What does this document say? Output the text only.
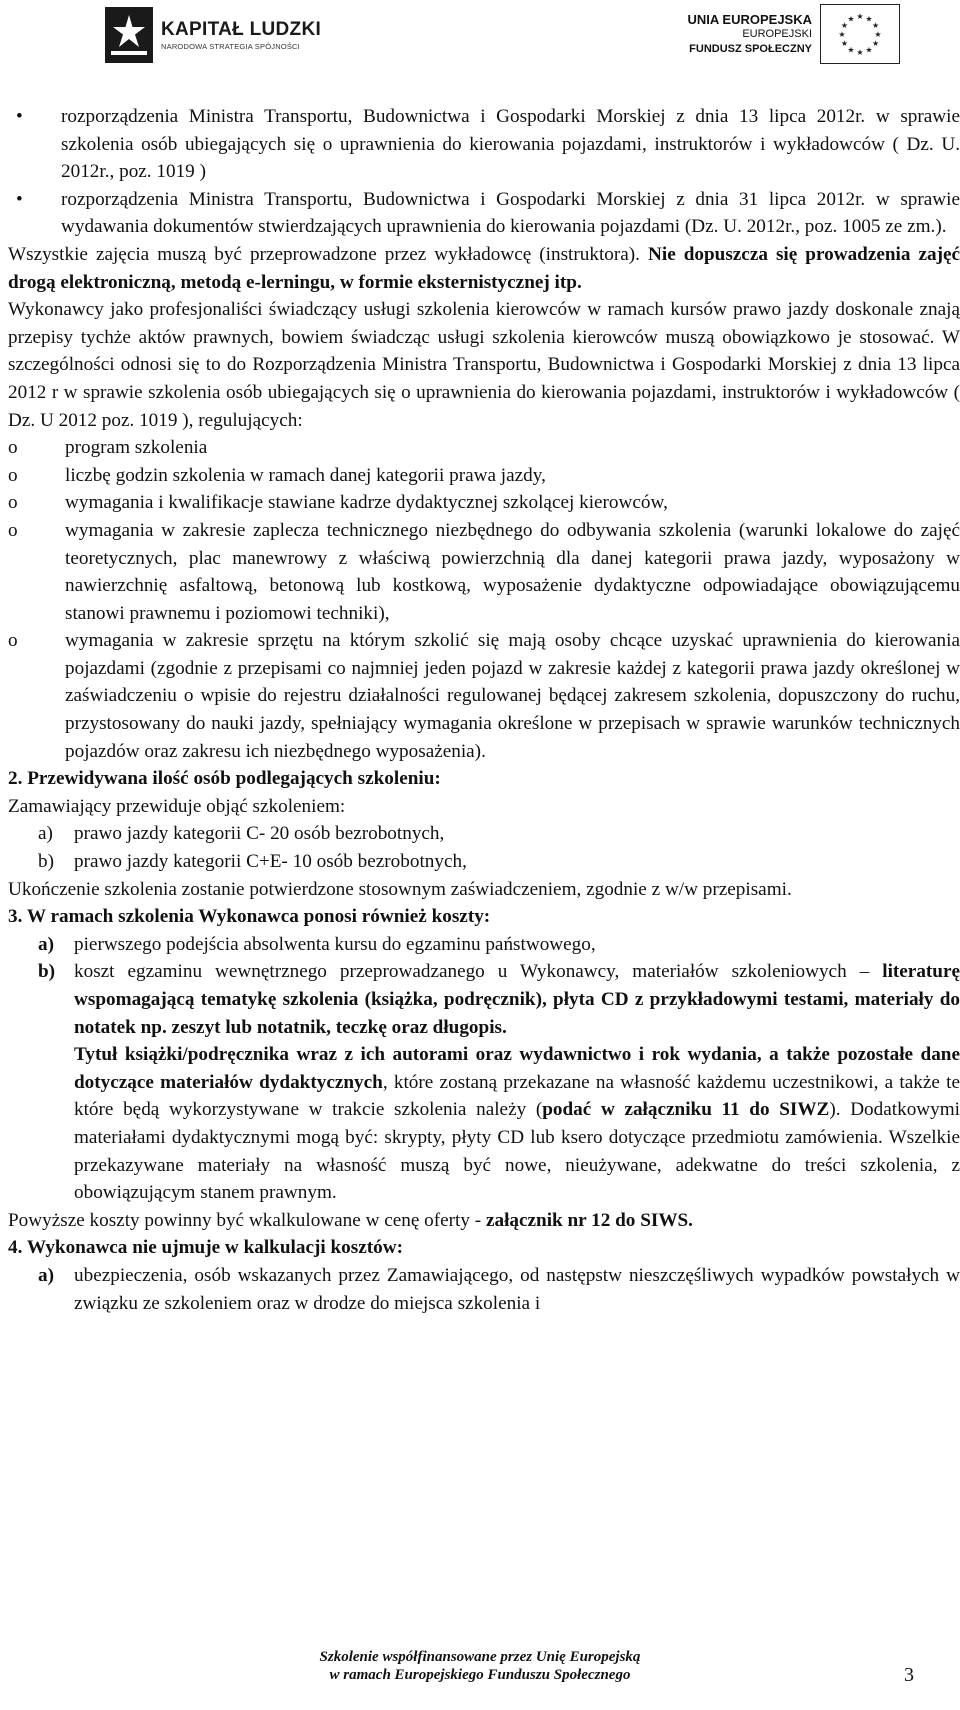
KAPITAŁ LUDZKI
NARODOWA STRATEGIA SPÓJNOŚCI
UNIA EUROPEJSKA
EUROPEJSKI
FUNDUSZ SPOŁECZNY
★ ★
★
★
★
★
★
★
★
★
★
★
• rozporządzenia Ministra Transportu, Budownictwa i Gospodarki Morskiej z dnia 13 lipca 2012r. w sprawie szkolenia osób ubiegających się o uprawnienia do kierowania pojazdami, instruktorów i wykładowców ( Dz. U. 2012r., poz. 1019 )
• rozporządzenia Ministra Transportu, Budownictwa i Gospodarki Morskiej z dnia 31 lipca 2012r. w sprawie wydawania dokumentów stwierdzających uprawnienia do kierowania pojazdami (Dz. U. 2012r., poz. 1005 ze zm.).

Wszystkie zajęcia muszą być przeprowadzone przez wykładowcę (instruktora). Nie dopuszcza się prowadzenia zajęć drogą elektroniczną, metodą e-lerningu, w formie eksternistycznej itp.

Wykonawcy jako profesjonaliści świadczący usługi szkolenia kierowców w ramach kursów prawo jazdy doskonale znają przepisy tychże aktów prawnych, bowiem świadcząc usługi szkolenia kierowców muszą obowiązkowo je stosować. W szczególności odnosi się to do Rozporządzenia Ministra Transportu, Budownictwa i Gospodarki Morskiej z dnia 13 lipca 2012 r w sprawie szkolenia osób ubiegających się o uprawnienia do kierowania pojazdami, instruktorów i wykładowców ( Dz. U 2012 poz. 1019 ), regulujących:

o program szkolenia
o liczbę godzin szkolenia w ramach danej kategorii prawa jazdy,
o wymagania i kwalifikacje stawiane kadrze dydaktycznej szkolącej kierowców,
o wymagania w zakresie zaplecza technicznego niezbędnego do odbywania szkolenia (warunki lokalowe do zajęć teoretycznych, plac manewrowy z właściwą powierzchnią dla danej kategorii prawa jazdy, wyposażony w nawierzchnię asfaltową, betonową lub kostkową, wyposażenie dydaktyczne odpowiadające obowiązującemu stanowi prawnemu i poziomowi techniki),
o wymagania w zakresie sprzętu na którym szkolić się mają osoby chcące uzyskać uprawnienia do kierowania pojazdami (zgodnie z przepisami co najmniej jeden pojazd w zakresie każdej z kategorii prawa jazdy określonej w zaświadczeniu o wpisie do rejestru działalności regulowanej będącej zakresem szkolenia, dopuszczony do ruchu, przystosowany do nauki jazdy, spełniający wymagania określone w przepisach w sprawie warunków technicznych pojazdów oraz zakresu ich niezbędnego wyposażenia).

2. Przewidywana ilość osób podlegających szkoleniu:

Zamawiający przewiduje objąć szkoleniem:

a) prawo jazdy kategorii C- 20 osób bezrobotnych,
b) prawo jazdy kategorii C+E- 10 osób bezrobotnych,

Ukończenie szkolenia zostanie potwierdzone stosownym zaświadczeniem, zgodnie z w/w przepisami.

3. W ramach szkolenia Wykonawca ponosi również koszty:

a) pierwszego podejścia absolwenta kursu do egzaminu państwowego,
b) koszt egzaminu wewnętrznego przeprowadzanego u Wykonawcy, materiałów szkoleniowych – literaturę wspomagającą tematykę szkolenia (książka, podręcznik), płyta CD z przykładowymi testami, materiały do notatek np. zeszyt lub notatnik, teczkę oraz długopis.
Tytuł książki/podręcznika wraz z ich autorami oraz wydawnictwo i rok wydania, a także pozostałe dane dotyczące materiałów dydaktycznych, które zostaną przekazane na własność każdemu uczestnikowi, a także te które będą wykorzystywane w trakcie szkolenia należy (podać w załączniku 11 do SIWZ). Dodatkowymi materiałami dydaktycznymi mogą być: skrypty, płyty CD lub ksero dotyczące przedmiotu zamówienia. Wszelkie przekazywane materiały na własność muszą być nowe, nieużywane, adekwatne do treści szkolenia, z obowiązującym stanem prawnym.

Powyższe koszty powinny być wkalkulowane w cenę oferty - załącznik nr 12 do SIWS.

4. Wykonawca nie ujmuje w kalkulacji kosztów:

a) ubezpieczenia, osób wskazanych przez Zamawiającego, od następstw nieszczęśliwych wypadków powstałych w związku ze szkoleniem oraz w drodze do miejsca szkolenia i
Szkolenie współfinansowane przez Unię Europejską
w ramach Europejskiego Funduszu Społecznego	3
